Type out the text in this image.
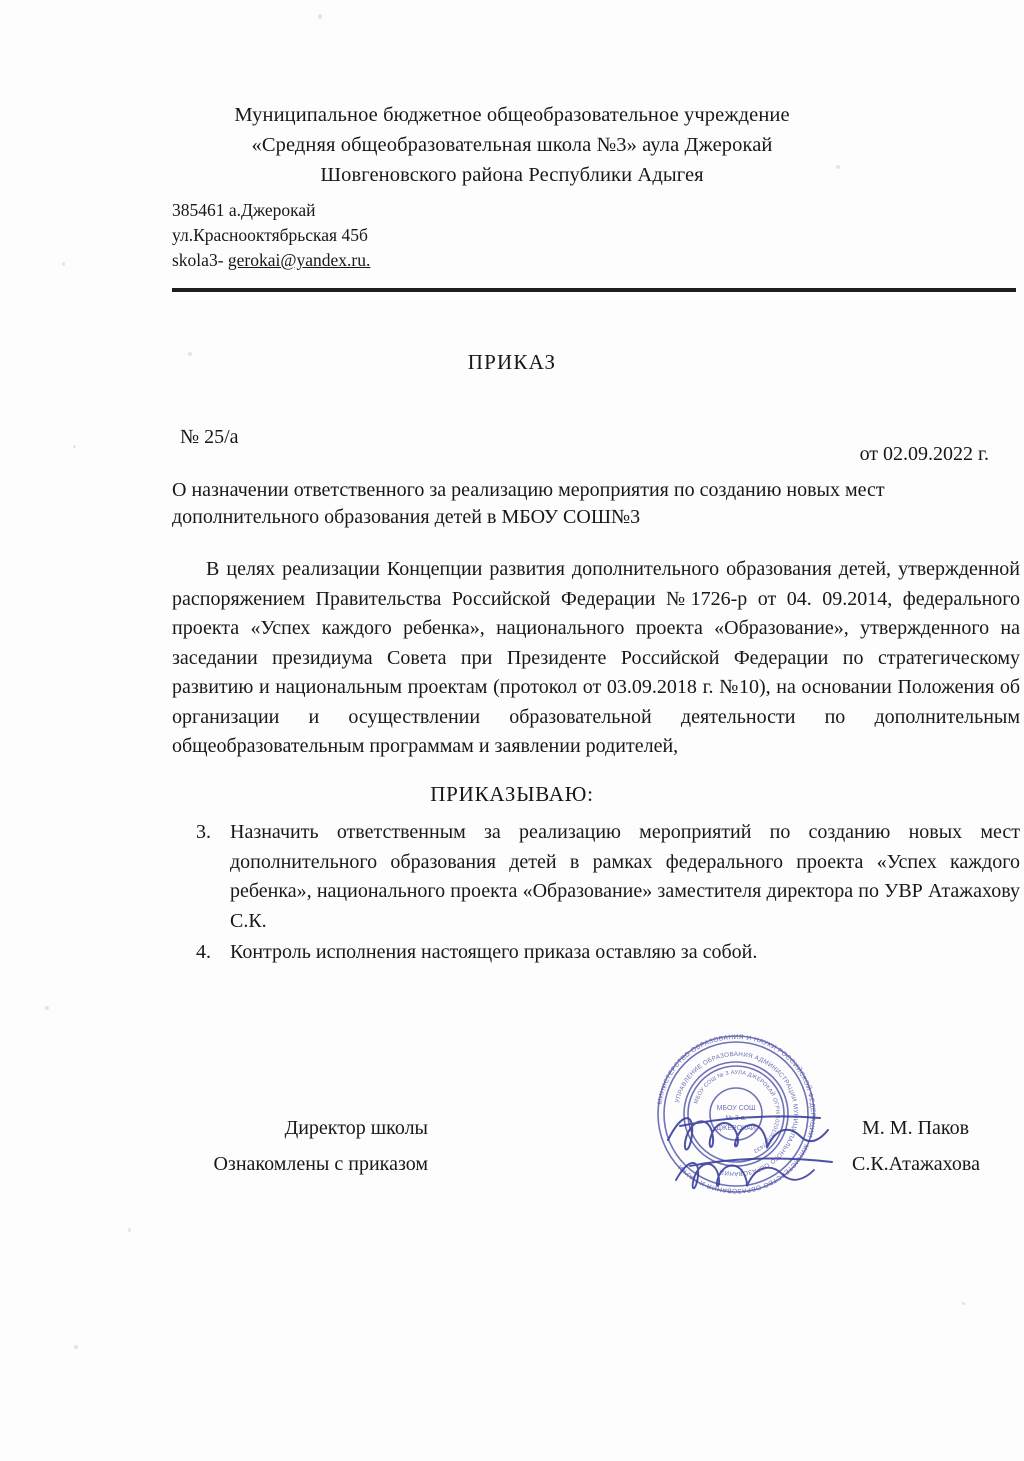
Муниципальное бюджетное общеобразовательное учреждение
«Средняя общеобразовательная школа №3» аула Джерокай
Шовгеновского района Республики Адыгея
385461 а.Джерокай
ул.Краснооктябрьская 45б
skola3- gerokai@yandex.ru.
ПРИКАЗ
№ 25/а
от 02.09.2022 г.
О назначении ответственного за реализацию мероприятия по созданию новых мест дополнительного образования детей в МБОУ СОШ№3
В целях реализации Концепции развития дополнительного образования детей, утвержденной распоряжением Правительства Российской Федерации №1726-р от 04. 09.2014, федерального проекта «Успех каждого ребенка», национального проекта «Образование», утвержденного на заседании президиума Совета при Президенте Российской Федерации по стратегическому развитию и национальным проектам (протокол от 03.09.2018 г. №10), на основании Положения об организации и осуществлении образовательной деятельности по дополнительным общеобразовательным программам и заявлении родителей,
ПРИКАЗЫВАЮ:
3. Назначить ответственным за реализацию мероприятий по созданию новых мест дополнительного образования детей в рамках федерального проекта «Успех каждого ребенка», национального проекта «Образование» заместителя директора по УВР Атажахову С.К.
4. Контроль исполнения настоящего приказа оставляю за собой.
МИНИСТЕРСТВО ОБРАЗОВАНИЯ И НАУКИ РОССИЙСКОЙ ФЕДЕРАЦИИ • МИНИСТЕРСТВО ОБРАЗОВАНИЯ И НАУКИ
УПРАВЛЕНИЕ ОБРАЗОВАНИЯ АДМИНИСТРАЦИИ МУНИЦИПАЛЬНОГО ОБРАЗОВАНИЯ
МБОУ СОШ № 3 АУЛА ДЖЕРОКАЙ ОГРН 1020100507433
МБОУ СОШ
№ 3 а.
ДЖЕРОКАЙ
Директор школы	М. М. Паков
Ознакомлены с приказом	С.К.Атажахова
